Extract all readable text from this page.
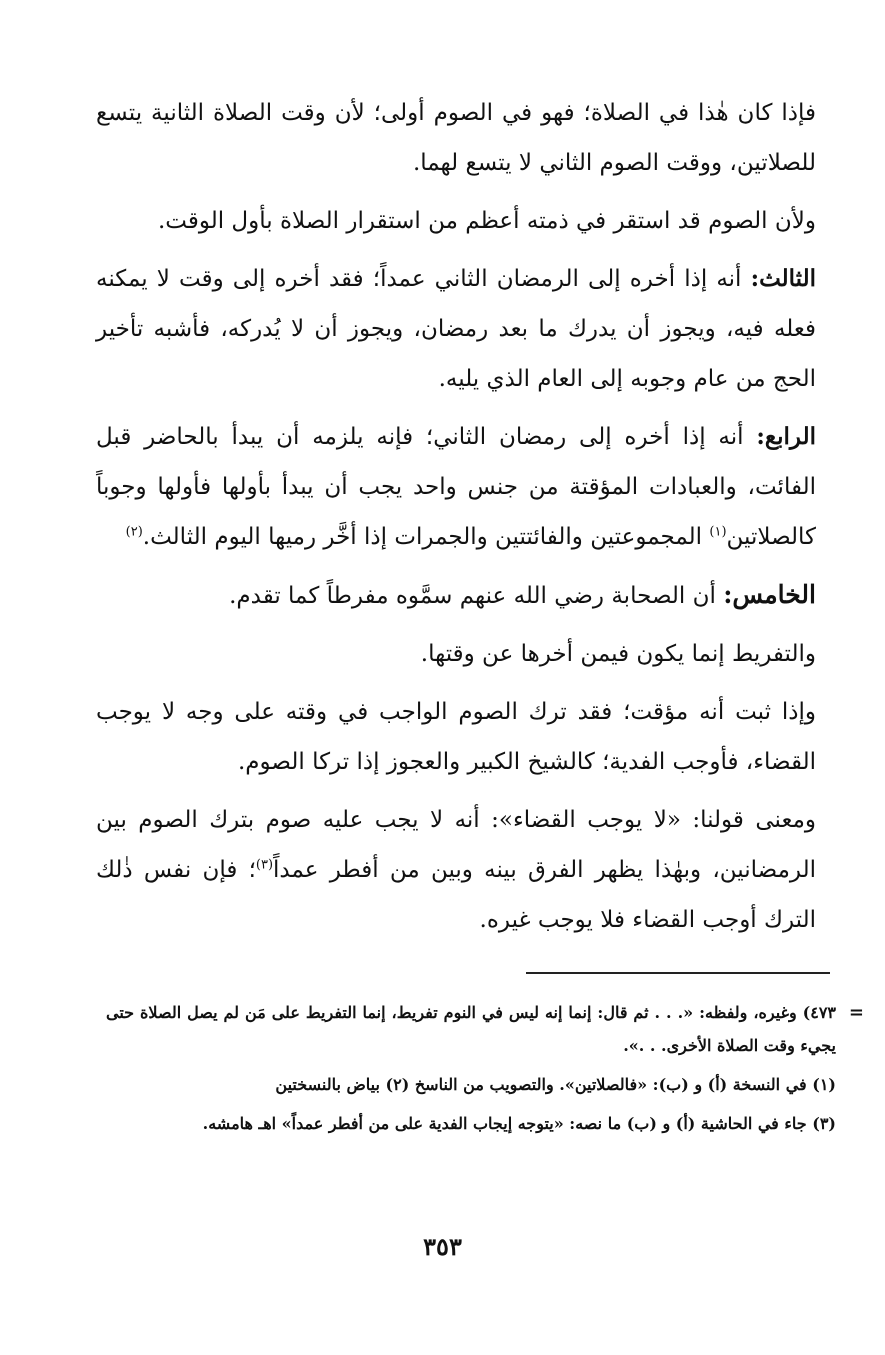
فإذا كان هٰذا في الصلاة؛ فهو في الصوم أولى؛ لأن وقت الصلاة الثانية يتسع للصلاتين، ووقت الصوم الثاني لا يتسع لهما.

ولأن الصوم قد استقر في ذمته أعظم من استقرار الصلاة بأول الوقت.

الثالث: أنه إذا أخره إلى الرمضان الثاني عمداً؛ فقد أخره إلى وقت لا يمكنه فعله فيه، ويجوز أن يدرك ما بعد رمضان، ويجوز أن لا يُدركه، فأشبه تأخير الحج من عام وجوبه إلى العام الذي يليه.

الرابع: أنه إذا أخره إلى رمضان الثاني؛ فإنه يلزمه أن يبدأ بالحاضر قبل الفائت، والعبادات المؤقتة من جنس واحد يجب أن يبدأ بأولها فأولها وجوباً كالصلاتين$^{(١)}$ المجموعتين والفائتتين والجمرات إذا أخَّر رميها اليوم الثالث.$^{(٢)}$

الخامس: أن الصحابة رضي الله عنهم سمَّوه مفرطاً كما تقدم.

والتفريط إنما يكون فيمن أخرها عن وقتها.

وإذا ثبت أنه مؤقت؛ فقد ترك الصوم الواجب في وقته على وجه لا يوجب القضاء، فأوجب الفدية؛ كالشيخ الكبير والعجوز إذا تركا الصوم.

ومعنى قولنا: «لا يوجب القضاء»: أنه لا يجب عليه صوم بترك الصوم بين الرمضانين، وبهٰذا يظهر الفرق بينه وبين من أفطر عمداً$^{(٣)}$؛ فإن نفس ذٰلك الترك أوجب القضاء فلا يوجب غيره.

=
٤٧٣) وغيره، ولفظه: «. . . ثم قال: إنما إنه ليس في النوم تفريط، إنما التفريط على مَن لم يصل الصلاة حتى يجيء وقت الصلاة الأخرى. . .».

(١) في النسخة (أ) و (ب): «فالصلاتين». والتصويب من الناسخ (٢) بياض بالنسختين

(٣) جاء في الحاشية (أ) و (ب) ما نصه: «يتوجه إيجاب الفدية على من أفطر عمداً» اهـ هامشه.

٣٥٣
